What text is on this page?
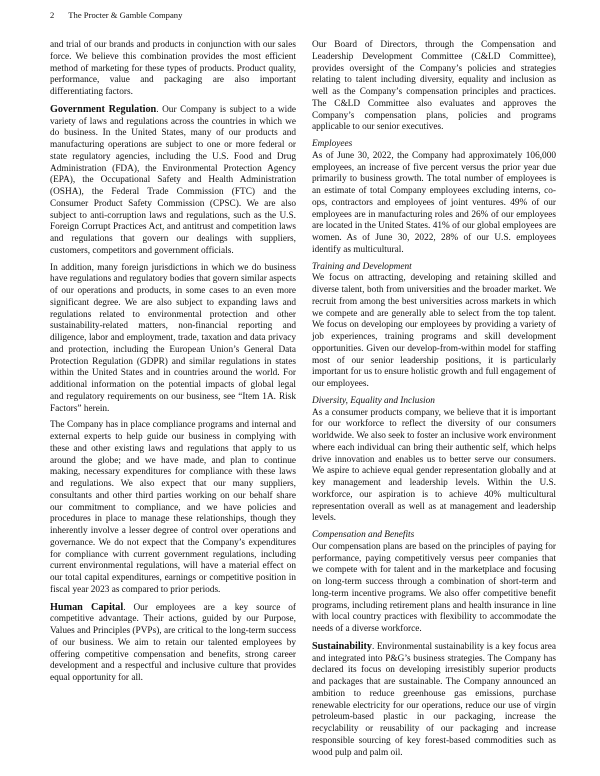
2 The Procter & Gamble Company

and trial of our brands and products in conjunction with our sales force. We believe this combination provides the most efficient method of marketing for these types of products. Product quality, performance, value and packaging are also important differentiating factors.

Government Regulation. Our Company is subject to a wide variety of laws and regulations across the countries in which we do business. In the United States, many of our products and manufacturing operations are subject to one or more federal or state regulatory agencies, including the U.S. Food and Drug Administration (FDA), the Environmental Protection Agency (EPA), the Occupational Safety and Health Administration (OSHA), the Federal Trade Commission (FTC) and the Consumer Product Safety Commission (CPSC). We are also subject to anti-corruption laws and regulations, such as the U.S. Foreign Corrupt Practices Act, and antitrust and competition laws and regulations that govern our dealings with suppliers, customers, competitors and government officials.

In addition, many foreign jurisdictions in which we do business have regulations and regulatory bodies that govern similar aspects of our operations and products, in some cases to an even more significant degree. We are also subject to expanding laws and regulations related to environmental protection and other sustainability-related matters, non-financial reporting and diligence, labor and employment, trade, taxation and data privacy and protection, including the European Union’s General Data Protection Regulation (GDPR) and similar regulations in states within the United States and in countries around the world. For additional information on the potential impacts of global legal and regulatory requirements on our business, see “Item 1A. Risk Factors” herein.

The Company has in place compliance programs and internal and external experts to help guide our business in complying with these and other existing laws and regulations that apply to us around the globe; and we have made, and plan to continue making, necessary expenditures for compliance with these laws and regulations. We also expect that our many suppliers, consultants and other third parties working on our behalf share our commitment to compliance, and we have policies and procedures in place to manage these relationships, though they inherently involve a lesser degree of control over operations and governance. We do not expect that the Company’s expenditures for compliance with current government regulations, including current environmental regulations, will have a material effect on our total capital expenditures, earnings or competitive position in fiscal year 2023 as compared to prior periods.

Human Capital. Our employees are a key source of competitive advantage. Their actions, guided by our Purpose, Values and Principles (PVPs), are critical to the long-term success of our business. We aim to retain our talented employees by offering competitive compensation and benefits, strong career development and a respectful and inclusive culture that provides equal opportunity for all.

Our Board of Directors, through the Compensation and Leadership Development Committee (C&LD Committee), provides oversight of the Company’s policies and strategies relating to talent including diversity, equality and inclusion as well as the Company’s compensation principles and practices. The C&LD Committee also evaluates and approves the Company’s compensation plans, policies and programs applicable to our senior executives.

Employees

As of June 30, 2022, the Company had approximately 106,000 employees, an increase of five percent versus the prior year due primarily to business growth. The total number of employees is an estimate of total Company employees excluding interns, co-ops, contractors and employees of joint ventures. 49% of our employees are in manufacturing roles and 26% of our employees are located in the United States. 41% of our global employees are women. As of June 30, 2022, 28% of our U.S. employees identify as multicultural.

Training and Development

We focus on attracting, developing and retaining skilled and diverse talent, both from universities and the broader market. We recruit from among the best universities across markets in which we compete and are generally able to select from the top talent. We focus on developing our employees by providing a variety of job experiences, training programs and skill development opportunities. Given our develop-from-within model for staffing most of our senior leadership positions, it is particularly important for us to ensure holistic growth and full engagement of our employees.

Diversity, Equality and Inclusion

As a consumer products company, we believe that it is important for our workforce to reflect the diversity of our consumers worldwide. We also seek to foster an inclusive work environment where each individual can bring their authentic self, which helps drive innovation and enables us to better serve our consumers. We aspire to achieve equal gender representation globally and at key management and leadership levels. Within the U.S. workforce, our aspiration is to achieve 40% multicultural representation overall as well as at management and leadership levels.

Compensation and Benefits

Our compensation plans are based on the principles of paying for performance, paying competitively versus peer companies that we compete with for talent and in the marketplace and focusing on long-term success through a combination of short-term and long-term incentive programs. We also offer competitive benefit programs, including retirement plans and health insurance in line with local country practices with flexibility to accommodate the needs of a diverse workforce.

Sustainability. Environmental sustainability is a key focus area and integrated into P&G’s business strategies. The Company has declared its focus on developing irresistibly superior products and packages that are sustainable. The Company announced an ambition to reduce greenhouse gas emissions, purchase renewable electricity for our operations, reduce our use of virgin petroleum-based plastic in our packaging, increase the recyclability or reusability of our packaging and increase responsible sourcing of key forest-based commodities such as wood pulp and palm oil.
